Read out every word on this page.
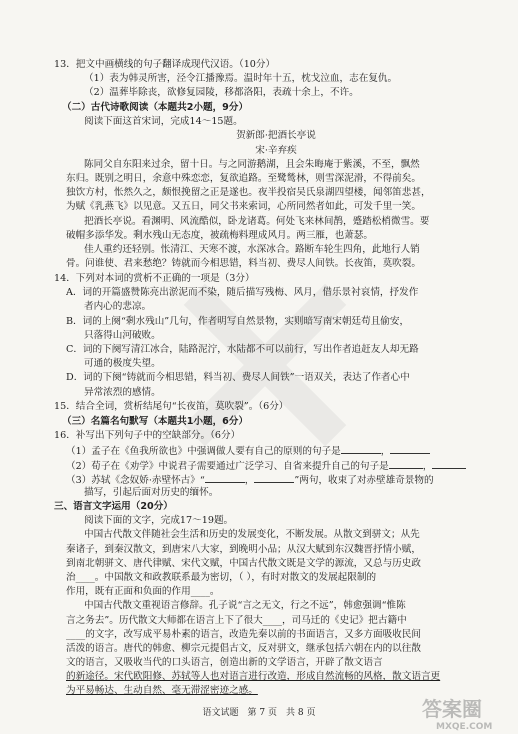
13．把文中画横线的句子翻译成现代汉语。（10分）
（1）表为韩灵所害，泾令江播豫焉。温时年十五，枕戈泣血，志在复仇。
（2）温葬毕除丧，欲修复园陵，移都洛阳，表疏十余上，不许。
（二）古代诗歌阅读（本题共2小题，9分）
阅读下面这首宋词，完成14～15题。
贺新郎·把酒长亭说
宋·辛弃疾
陈同父自东阳来过余，留十日。与之同游鹅湖，且会朱晦庵于紫溪，不至，飘然
东归。既别之明日，余意中殊恋恋，复欲追路。至鹭鸶林，则雪深泥滑，不得前矣。
独饮方村，怅然久之，颇恨挽留之正是遂也。夜半投宿吴氏泉湖四望楼，闻邻笛悲甚，
为赋《乳燕飞》以见意。又五日，同父书来索词，心所同然者如此，可发千里一笑。
把酒长亭说。看渊明、风流酷似，卧龙诸葛。何处飞来林间鹊，蹙踏松梢微雪。要
破帽多添华发。剩水残山无态度，被疏梅料理成风月。两三雁，也萧瑟。
佳人重约还轻别。怅清江、天寒不渡，水深冰合。路断车轮生四角，此地行人销
骨。问谁使、君来愁绝？铸就而今相思错，料当初、费尽人间铁。长夜笛，莫吹裂。
14．下列对本词的赏析不正确的一项是（3分）
A．词的开篇盛赞陈亮出淤泥而不染，随后描写残梅、风月，借乐景衬哀情，抒发作
者内心的悲凉。
B．词的上阕“剩水残山”几句，作者明写自然景物，实则暗写南宋朝廷苟且偷安，
只落得山河破败。
C．词的下阕写清江冰合，陆路泥泞，水陆都不可以前行，写出作者追赶友人却无路
可通的极度失望。
D．词的下阕“铸就而今相思错，料当初、费尽人间铁”一语双关，表达了作者心中
异常浓烈的感情。
15．结合全词，赏析结尾句“长夜笛，莫吹裂”。（6分）
（三）名篇名句默写（本题共1小题，6分）
16．补写出下列句子中的空缺部分。（6分）
（1）孟子在《鱼我所欲也》中强调做人要有自己的原则的句子是	，
（2）荀子在《劝学》中说君子需要通过广泛学习、自省来提升自己的句子是	，
（3）苏轼《念奴娇·赤壁怀古》“	，	”两句，收束了对赤壁雄奇景物的
描写，引起后面对历史的缅怀。
三、语言文字运用（20分）
阅读下面的文字，完成17～19题。
中国古代散文伴随社会生活和历史的发展变化，不断发展。从散文到骈文；从先
秦诸子，到秦汉散文，到唐宋八大家，到晚明小品；从汉大赋到东汉魏晋抒情小赋，
到南北朝骈文、唐代律赋、宋代文赋，中国古代散文既是文学的源流，又总与历史政
治____。中国散文和政教联系最为密切，（ ），有时对散文的发展起限制的
作用，既有正面和负面的作用____。
中国古代散文重视语言修辞。孔子说“言之无文，行之不远”，韩愈强调“惟陈
言之务去”。历代散文大师都在语言上下了很大____，司马迁的《史记》把古籍中
____的文字，改写成平易朴素的语言，改造先秦以前的书面语言，又多方面吸收民间
活泼的语言。唐代的韩愈、柳宗元提倡古文，反对骈文，继承包括六朝在内的以往散
文的语言，又吸收当代的口头语言，创造出新的文学语言，开辟了散文语言
的新途径。宋代欧阳修、苏轼等人也对语言进行改造，形成自然流畅的风格，散文语言更
为平易畅达、生动自然、毫无滞涩密迹之感。
语文试题　第 7 页　共 8 页	答案圈
MXQE.COM
